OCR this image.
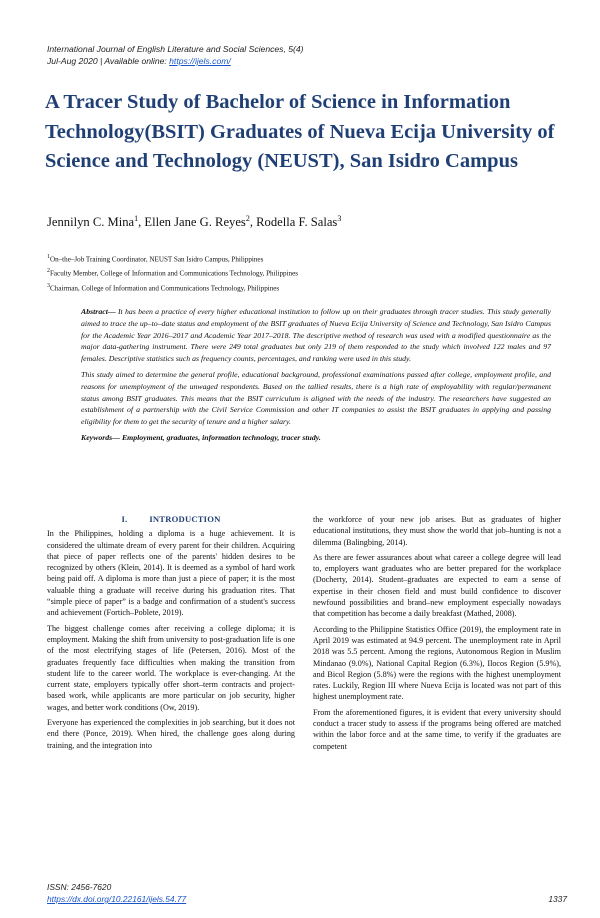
International Journal of English Literature and Social Sciences, 5(4)
Jul-Aug 2020 | Available online: https://ijels.com/
A Tracer Study of Bachelor of Science in Information Technology(BSIT) Graduates of Nueva Ecija University of Science and Technology (NEUST), San Isidro Campus
Jennilyn C. Mina$^1$, Ellen Jane G. Reyes$^2$, Rodella F. Salas$^3$
$^1$On–the–Job Training Coordinator, NEUST San Isidro Campus, Philippines
$^2$Faculty Member, College of Information and Communications Technology, Philippines
$^3$Chairman, College of Information and Communications Technology, Philippines

Abstract— It has been a practice of every higher educational institution to follow up on their graduates through tracer studies. This study generally aimed to trace the up–to–date status and employment of the BSIT graduates of Nueva Ecija University of Science and Technology, San Isidro Campus for the Academic Year 2016–2017 and Academic Year 2017–2018. The descriptive method of research was used with a modified questionnaire as the major data-gathering instrument. There were 249 total graduates but only 219 of them responded to the study which involved 122 males and 97 females. Descriptive statistics such as frequency counts, percentages, and ranking were used in this study.

This study aimed to determine the general profile, educational background, professional examinations passed after college, employment profile, and reasons for unemployment of the unwaged respondents. Based on the tallied results, there is a high rate of employability with regular/permanent status among BSIT graduates. This means that the BSIT curriculum is aligned with the needs of the industry. The researchers have suggested an establishment of a partnership with the Civil Service Commission and other IT companies to assist the BSIT graduates in applying and passing eligibility for them to get the security of tenure and a higher salary.

Keywords— Employment, graduates, information technology, tracer study.

I.	INTRODUCTION

In the Philippines, holding a diploma is a huge achievement. It is considered the ultimate dream of every parent for their children. Acquiring that piece of paper reflects one of the parents' hidden desires to be recognized by others (Klein, 2014). It is deemed as a symbol of hard work being paid off. A diploma is more than just a piece of paper; it is the most valuable thing a graduate will receive during his graduation rites. That “simple piece of paper” is a badge and confirmation of a student's success and achievement (Fortich–Poblete, 2019).

The biggest challenge comes after receiving a college diploma; it is employment. Making the shift from university to post-graduation life is one of the most electrifying stages of life (Petersen, 2016). Most of the graduates frequently face difficulties when making the transition from student life to the career world. The workplace is ever-changing. At the current state, employers typically offer short–term contracts and project-based work, while applicants are more particular on job security, higher wages, and better work conditions (Ow, 2019).

Everyone has experienced the complexities in job searching, but it does not end there (Ponce, 2019). When hired, the challenge goes along during training, and the integration into

the workforce of your new job arises. But as graduates of higher educational institutions, they must show the world that job–hunting is not a dilemma (Balingbing, 2014).

As there are fewer assurances about what career a college degree will lead to, employers want graduates who are better prepared for the workplace (Docherty, 2014). Student–graduates are expected to earn a sense of expertise in their chosen field and must build confidence to discover newfound possibilities and brand–new employment especially nowadays that competition has become a daily breakfast (Mathed, 2008).

According to the Philippine Statistics Office (2019), the employment rate in April 2019 was estimated at 94.9 percent. The unemployment rate in April 2018 was 5.5 percent. Among the regions, Autonomous Region in Muslim Mindanao (9.0%), National Capital Region (6.3%), Ilocos Region (5.9%), and Bicol Region (5.8%) were the regions with the highest unemployment rates. Luckily, Region III where Nueva Ecija is located was not part of this highest unemployment rate.

From the aforementioned figures, it is evident that every university should conduct a tracer study to assess if the programs being offered are matched within the labor force and at the same time, to verify if the graduates are competent

ISSN: 2456-7620
https://dx.doi.org/10.22161/ijels.54.77	1337
